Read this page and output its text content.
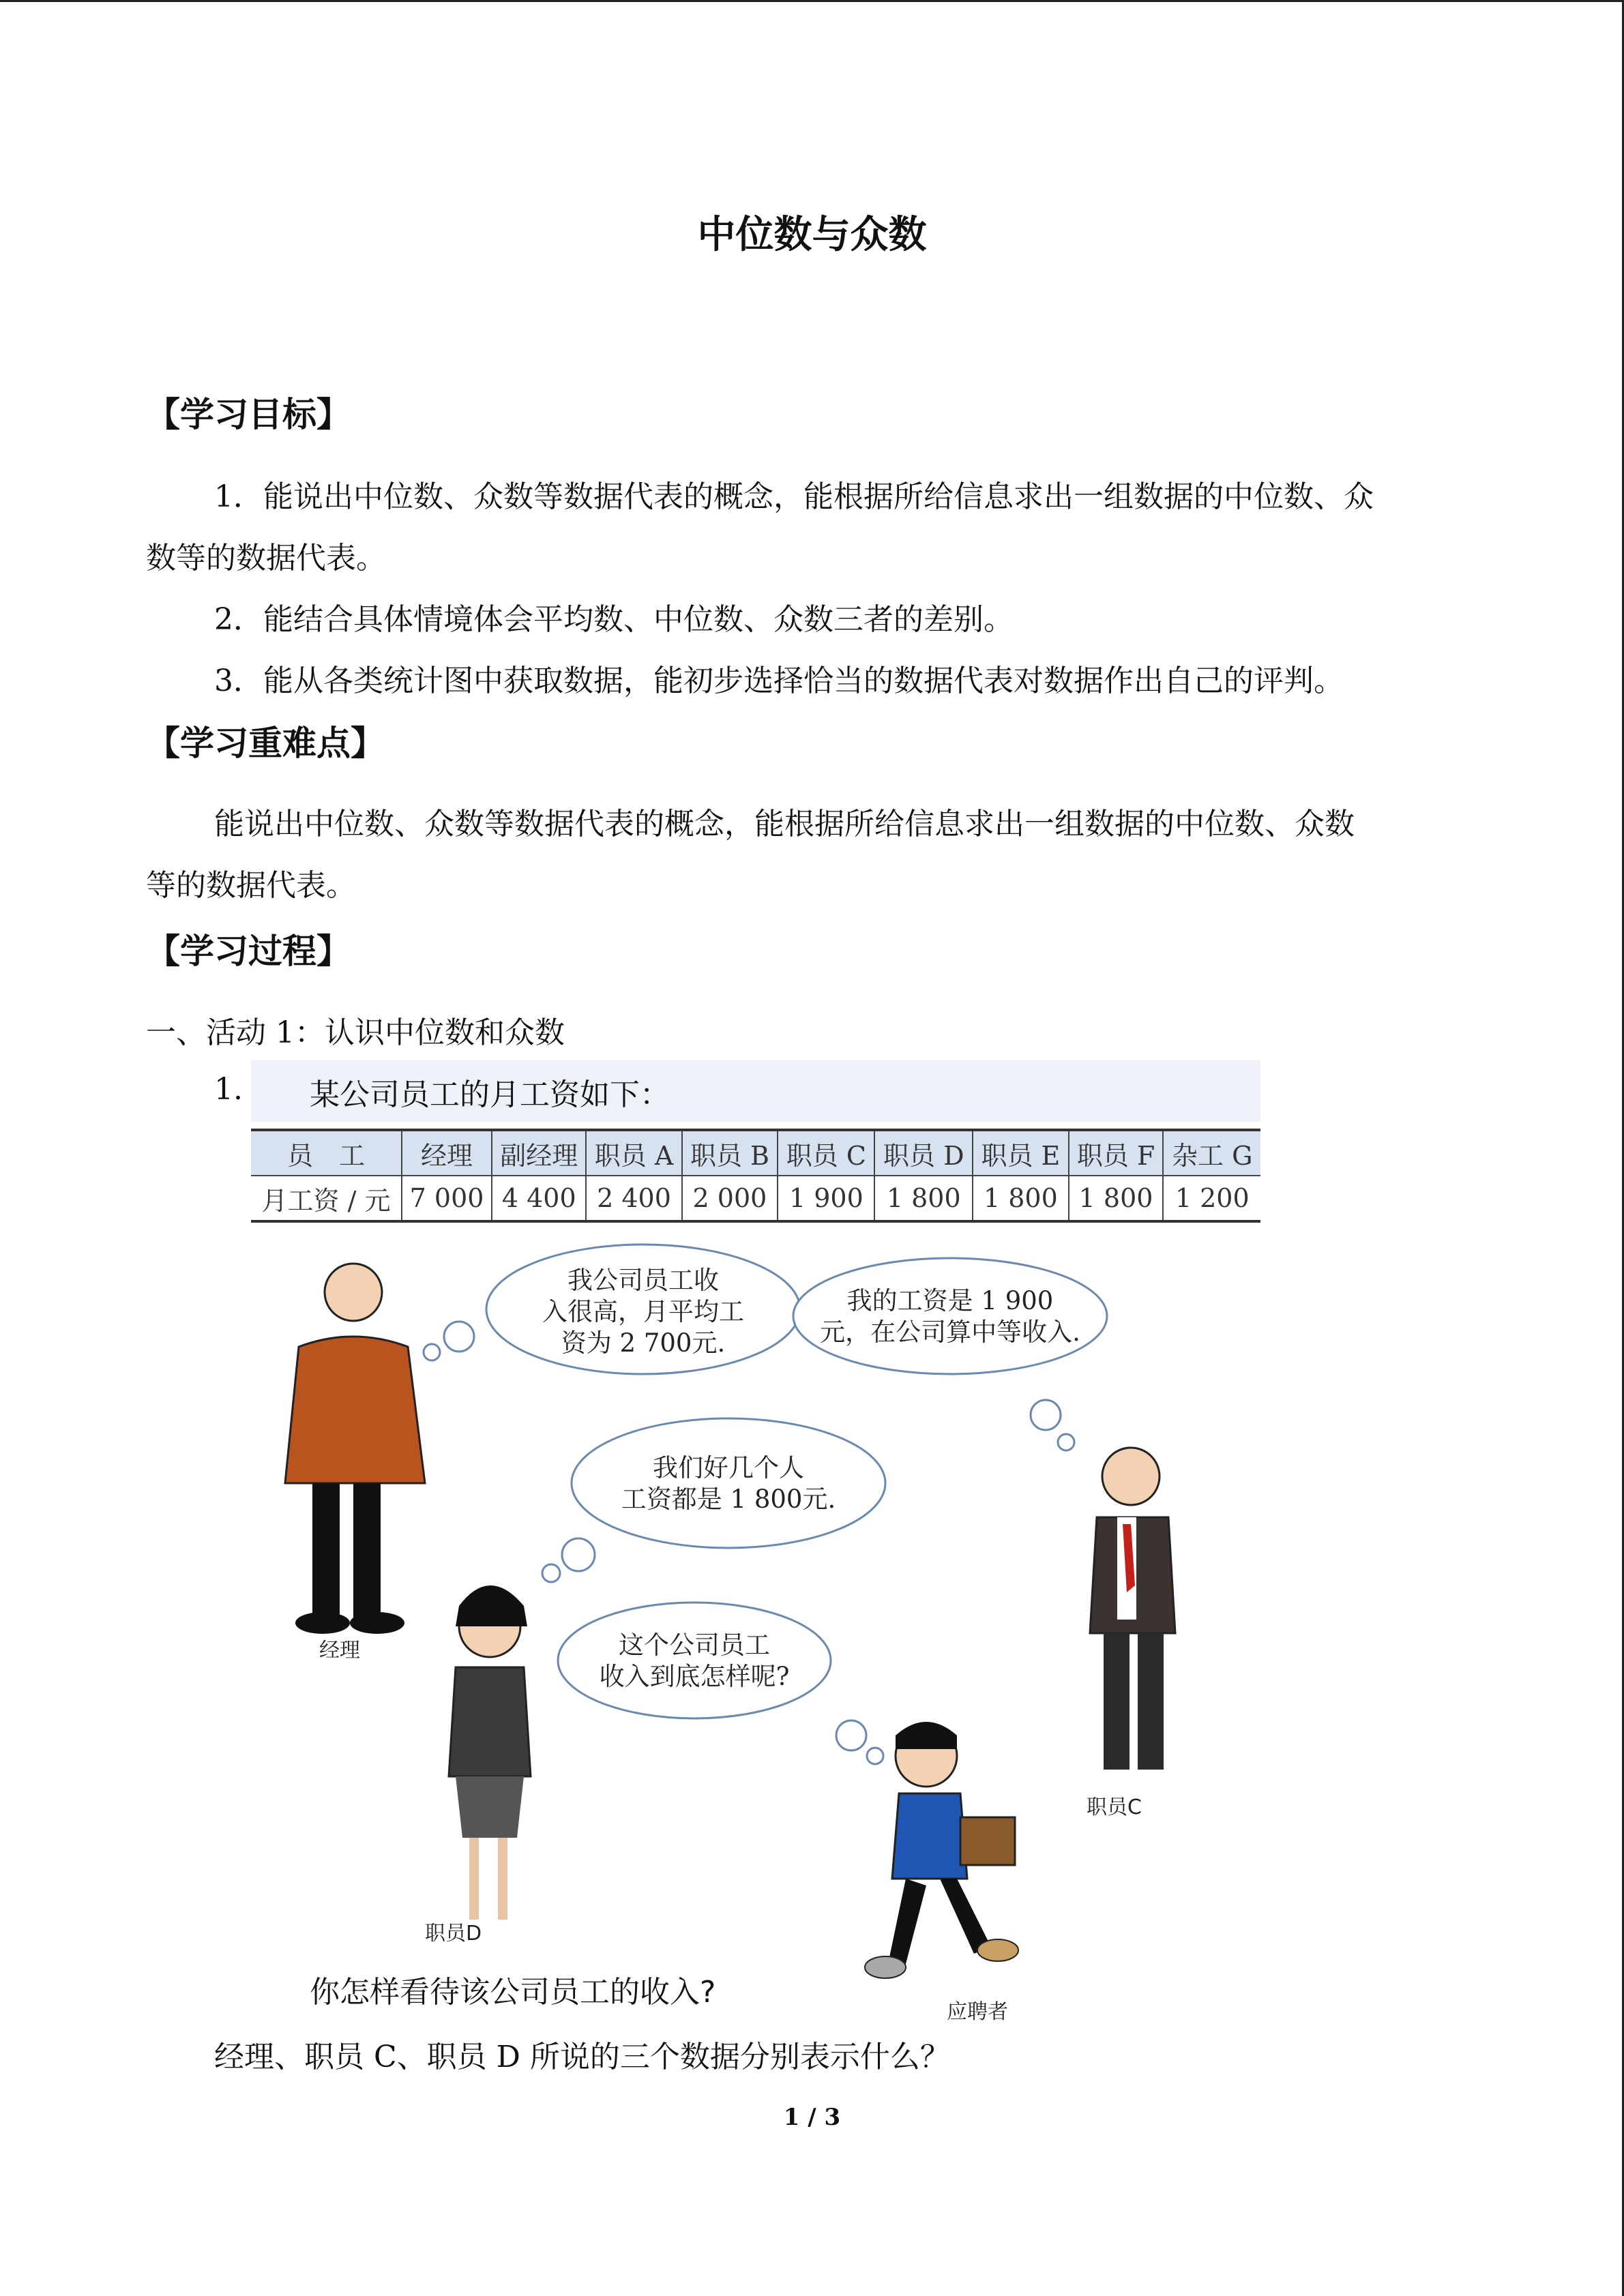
中位数与众数
【学习目标】
1．能说出中位数、众数等数据代表的概念，能根据所给信息求出一组数据的中位数、众
数等的数据代表。
2．能结合具体情境体会平均数、中位数、众数三者的差别。
3．能从各类统计图中获取数据，能初步选择恰当的数据代表对数据作出自己的评判。
【学习重难点】
能说出中位数、众数等数据代表的概念，能根据所给信息求出一组数据的中位数、众数
等的数据代表。
【学习过程】
一、活动 1：认识中位数和众数
1. 某公司员工的月工资如下：
员　工	经理	副经理	职员 A	职员 B	职员 C	职员 D	职员 E	职员 F	杂工 G
月工资 / 元	7 000	4 400	2 400	2 000	1 900	1 800	1 800	1 800	1 200
我公司员工收
入很高，月平均工
资为 2 700元.
我的工资是 1 900
元，在公司算中等收入.
我们好几个人
工资都是 1 800元.
这个公司员工
收入到底怎样呢?
经理
职员C
职员D
应聘者
你怎样看待该公司员工的收入?
经理、职员 C、职员 D 所说的三个数据分别表示什么？
1 / 3
